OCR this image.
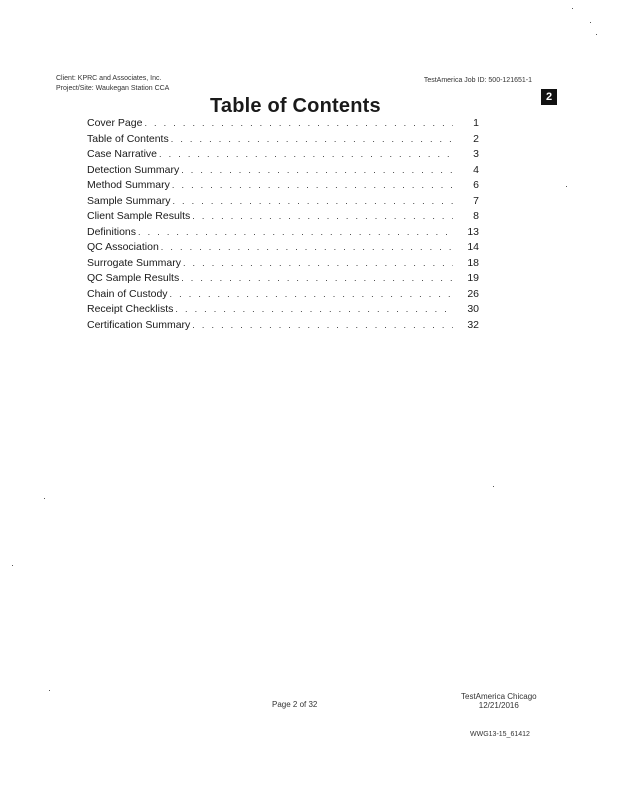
Client: KPRC and Associates, Inc.
Project/Site: Waukegan Station CCA
TestAmerica Job ID: 500-121651-1
2
Table of Contents
Cover Page . . .	1
Table of Contents . . .	2
Case Narrative . . .	3
Detection Summary . . .	4
Method Summary . . .	6
Sample Summary . . .	7
Client Sample Results . . .	8
Definitions . . .	13
QC Association . . .	14
Surrogate Summary . . .	18
QC Sample Results . . .	19
Chain of Custody . . .	26
Receipt Checklists . . .	30
Certification Summary . . .	32
Page 2 of 32
TestAmerica Chicago
12/21/2016
WWG13-15_61412
